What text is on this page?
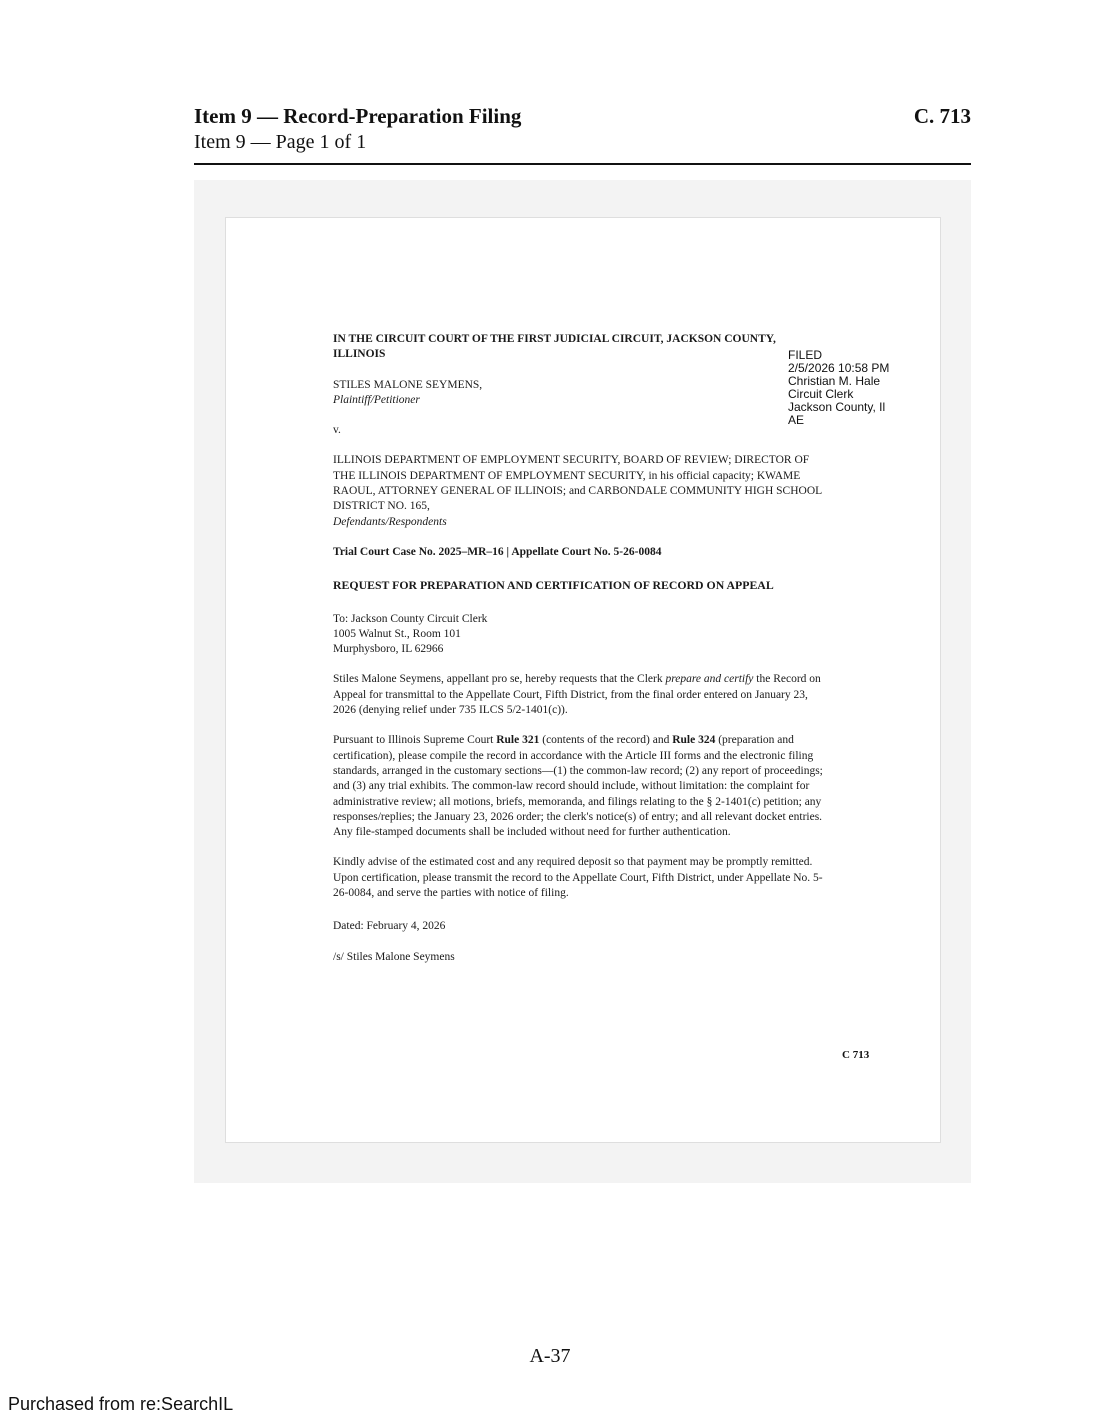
Item 9 — Record-Preparation Filing
Item 9 — Page 1 of 1
C. 713

IN THE CIRCUIT COURT OF THE FIRST JUDICIAL CIRCUIT, JACKSON COUNTY, ILLINOIS

STILES MALONE SEYMENS,

Plaintiff/Petitioner

v.

ILLINOIS DEPARTMENT OF EMPLOYMENT SECURITY, BOARD OF REVIEW; DIRECTOR OF THE ILLINOIS DEPARTMENT OF EMPLOYMENT SECURITY, in his official capacity; KWAME RAOUL, ATTORNEY GENERAL OF ILLINOIS; and CARBONDALE COMMUNITY HIGH SCHOOL DISTRICT NO. 165,

Defendants/Respondents

Trial Court Case No. 2025–MR–16 | Appellate Court No. 5-26-0084

REQUEST FOR PREPARATION AND CERTIFICATION OF RECORD ON APPEAL

To: Jackson County Circuit Clerk

1005 Walnut St., Room 101

Murphysboro, IL 62966

Stiles Malone Seymens, appellant pro se, hereby requests that the Clerk prepare and certify the Record on Appeal for transmittal to the Appellate Court, Fifth District, from the final order entered on January 23, 2026 (denying relief under 735 ILCS 5/2-1401(c)).

Pursuant to Illinois Supreme Court Rule 321 (contents of the record) and Rule 324 (preparation and certification), please compile the record in accordance with the Article III forms and the electronic filing standards, arranged in the customary sections—(1) the common-law record; (2) any report of proceedings; and (3) any trial exhibits. The common-law record should include, without limitation: the complaint for administrative review; all motions, briefs, memoranda, and filings relating to the § 2-1401(c) petition; any responses/replies; the January 23, 2026 order; the clerk's notice(s) of entry; and all relevant docket entries. Any file-stamped documents shall be included without need for further authentication.

Kindly advise of the estimated cost and any required deposit so that payment may be promptly remitted. Upon certification, please transmit the record to the Appellate Court, Fifth District, under Appellate No. 5-26-0084, and serve the parties with notice of filing.

Dated: February 4, 2026

/s/ Stiles Malone Seymens

FILED
2/5/2026 10:58 PM
Christian M. Hale
Circuit Clerk
Jackson County, Il
AE
C 713
A-37
Purchased from re:SearchIL
